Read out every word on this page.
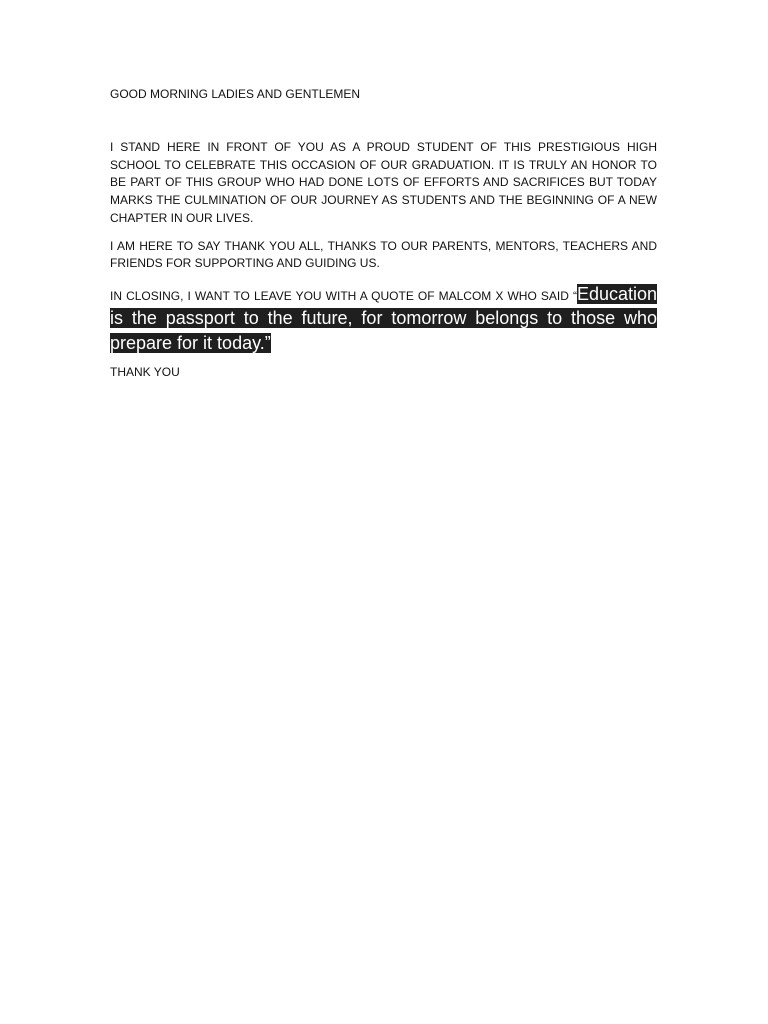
GOOD MORNING LADIES AND GENTLEMEN

I STAND HERE IN FRONT OF YOU AS A PROUD STUDENT OF THIS PRESTIGIOUS HIGH SCHOOL TO CELEBRATE THIS OCCASION OF OUR GRADUATION. IT IS TRULY AN HONOR TO BE PART OF THIS GROUP WHO HAD DONE LOTS OF EFFORTS AND SACRIFICES BUT TODAY MARKS THE CULMINATION OF OUR JOURNEY AS STUDENTS AND THE BEGINNING OF A NEW CHAPTER IN OUR LIVES.

I AM HERE TO SAY THANK YOU ALL, THANKS TO OUR PARENTS, MENTORS, TEACHERS AND FRIENDS FOR SUPPORTING AND GUIDING US.

IN CLOSING, I WANT TO LEAVE YOU WITH A QUOTE OF MALCOM X WHO SAID “Education is the passport to the future, for tomorrow belongs to those who prepare for it today.”

THANK YOU
